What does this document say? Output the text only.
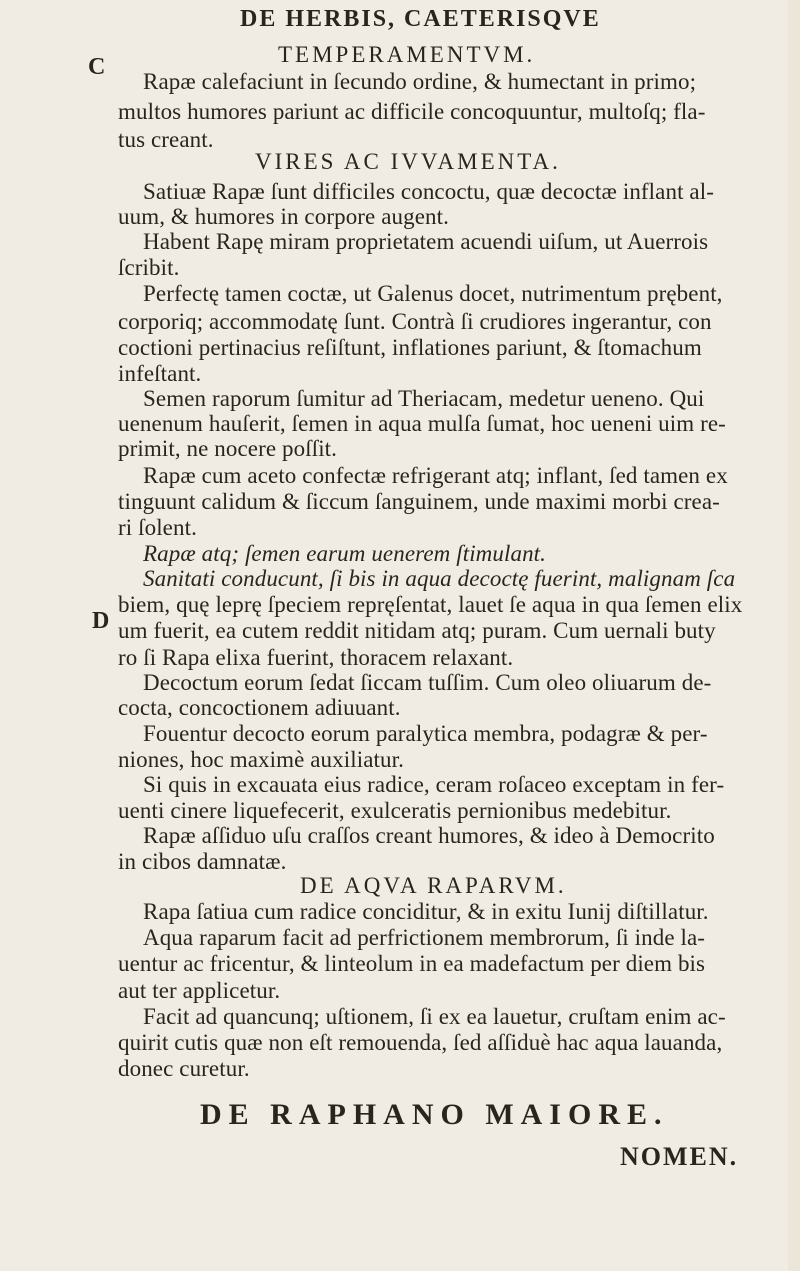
DE HERBIS, CAETERISQVE
C
D
TEMPERAMENTVM.
Rapæ calefaciunt in ſecundo ordine, & humectant in primo;
multos humores pariunt ac difficile concoquuntur, multoſq; fla-
tus creant.
VIRES AC IVVAMENTA.
Satiuæ Rapæ ſunt difficiles concoctu, quæ decoctæ inflant al-
uum, & humores in corpore augent.
Habent Rapę miram proprietatem acuendi uiſum, ut Auerrois
ſcribit.
Perfectę tamen coctæ, ut Galenus docet, nutrimentum prębent,
corporiq; accommodatę ſunt. Contrà ſi crudiores ingerantur, con
coctioni pertinacius reſiſtunt, inflationes pariunt, & ſtomachum
infeſtant.
Semen raporum ſumitur ad Theriacam, medetur ueneno. Qui
uenenum hauſerit, ſemen in aqua mulſa ſumat, hoc ueneni uim re-
primit, ne nocere poſſit.
Rapæ cum aceto confectæ refrigerant atq; inflant, ſed tamen ex
tinguunt calidum & ſiccum ſanguinem, unde maximi morbi crea-
ri ſolent.
Rapæ atq; ſemen earum uenerem ſtimulant.
Sanitati conducunt, ſi bis in aqua decoctę fuerint, malignam ſca
biem, quę leprę ſpeciem repręſentat, lauet ſe aqua in qua ſemen elix
um fuerit, ea cutem reddit nitidam atq; puram. Cum uernali buty
ro ſi Rapa elixa fuerint, thoracem relaxant.
Decoctum eorum ſedat ſiccam tuſſim. Cum oleo oliuarum de-
cocta, concoctionem adiuuant.
Fouentur decocto eorum paralytica membra, podagræ & per-
niones, hoc maximè auxiliatur.
Si quis in excauata eius radice, ceram roſaceo exceptam in fer-
uenti cinere liquefecerit, exulceratis pernionibus medebitur.
Rapæ aſſiduo uſu craſſos creant humores, & ideo à Democrito
in cibos damnatæ.
DE AQVA RAPARVM.
Rapa ſatiua cum radice conciditur, & in exitu Iunij diſtillatur.
Aqua raparum facit ad perfrictionem membrorum, ſi inde la-
uentur ac fricentur, & linteolum in ea madefactum per diem bis
aut ter applicetur.
Facit ad quancunq; uſtionem, ſi ex ea lauetur, cruſtam enim ac-
quirit cutis quæ non eſt remouenda, ſed aſſiduè hac aqua lauanda,
donec curetur.
DE RAPHANO MAIORE.
NOMEN.
